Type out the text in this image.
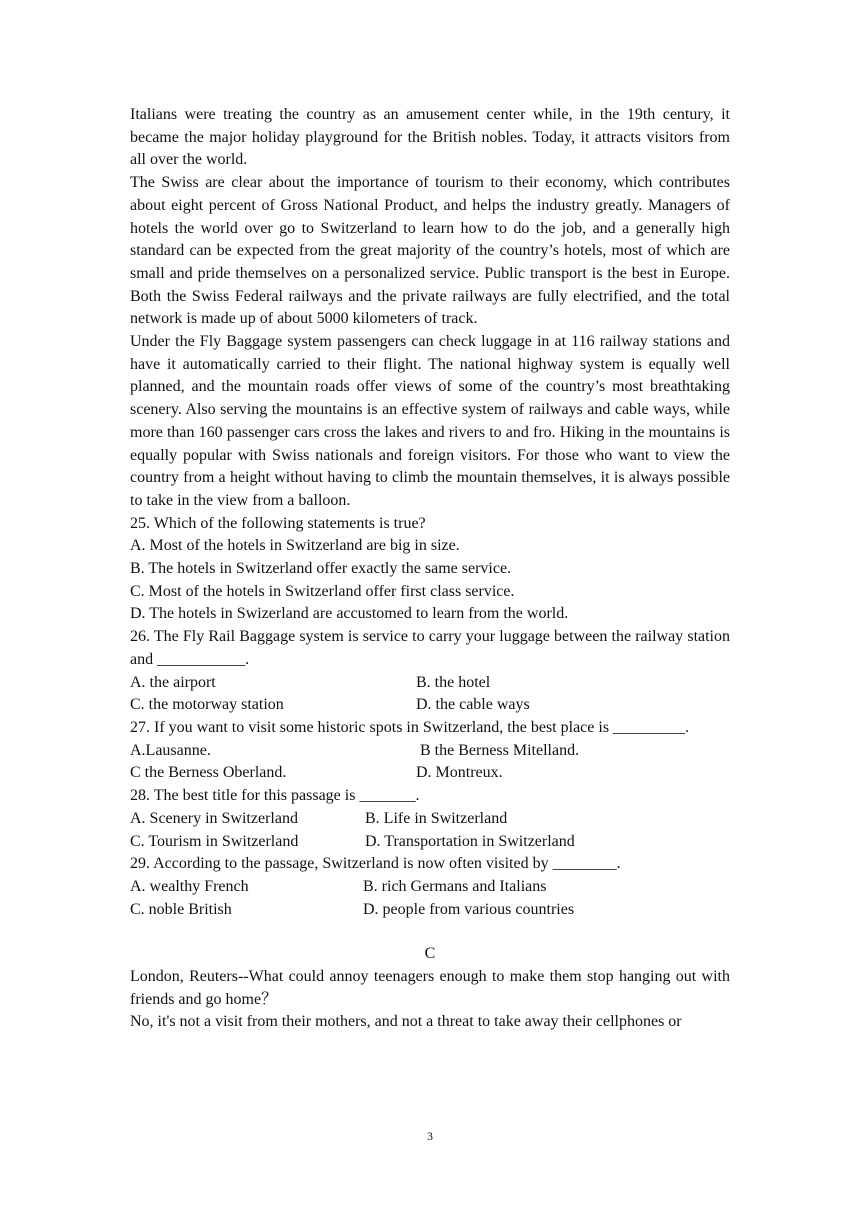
Italians were treating the country as an amusement center while, in the 19th century, it became the major holiday playground for the British nobles. Today, it attracts visitors from all over the world.

The Swiss are clear about the importance of tourism to their economy, which contributes about eight percent of Gross National Product, and helps the industry greatly. Managers of hotels the world over go to Switzerland to learn how to do the job, and a generally high standard can be expected from the great majority of the country’s hotels, most of which are small and pride themselves on a personalized service. Public transport is the best in Europe. Both the Swiss Federal railways and the private railways are fully electrified, and the total network is made up of about 5000 kilometers of track.

Under the Fly Baggage system passengers can check luggage in at 116 railway stations and have it automatically carried to their flight. The national highway system is equally well planned, and the mountain roads offer views of some of the country’s most breathtaking scenery. Also serving the mountains is an effective system of railways and cable ways, while more than 160 passenger cars cross the lakes and rivers to and fro. Hiking in the mountains is equally popular with Swiss nationals and foreign visitors. For those who want to view the country from a height without having to climb the mountain themselves, it is always possible to take in the view from a balloon.

25. Which of the following statements is true?

A. Most of the hotels in Switzerland are big in size.

B. The hotels in Switzerland offer exactly the same service.

C. Most of the hotels in Switzerland offer first class service.

D. The hotels in Swizerland are accustomed to learn from the world.

26. The Fly Rail Baggage system is service to carry your luggage between the railway station and ___________.

A. the airport	B. the hotel
C. the motorway station	D. the cable ways

27. If you want to visit some historic spots in Switzerland, the best place is _________.

A.Lausanne.	B the Berness Mitelland.
C the Berness Oberland.	D. Montreux.

28. The best title for this passage is _______.

A. Scenery in Switzerland	B. Life in Switzerland
C. Tourism in Switzerland	D. Transportation in Switzerland

29. According to the passage, Switzerland is now often visited by ________.

A. wealthy French	B. rich Germans and Italians
C. noble British	D. people from various countries

C

London, Reuters--What could annoy teenagers enough to make them stop hanging out with friends and go home？

No, it's not a visit from their mothers, and not a threat to take away their cellphones or

3
